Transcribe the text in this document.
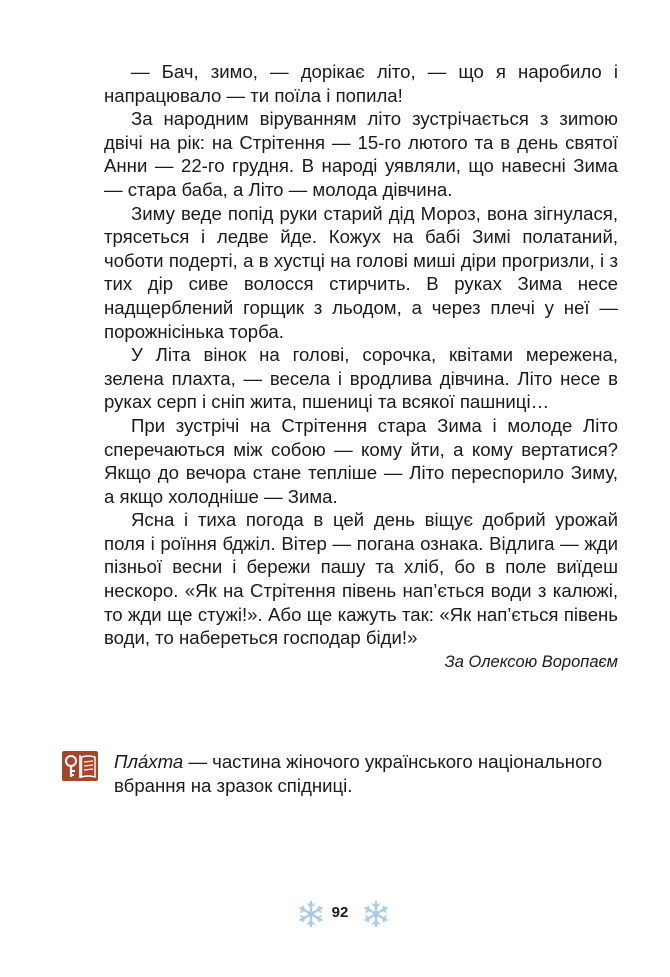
— Бач, зимо, — дорікає літо, — що я наробило і напрацювало — ти поїла і попила!

За народним віруванням літо зустрічається з зиmою двічі на рік: на Стрітення — 15-го лютого та в день святої Анни — 22-го грудня. В народі уявляли, що навесні Зима — стара баба, а Літо — молода дівчина.

Зиму веде попід руки старий дід Мороз, вона зігнулася, трясеться і ледве йде. Кожух на бабі Зимі полатаний, чоботи подерті, а в хустці на голові миші діри прогризли, і з тих дір сиве волосся стирчить. В руках Зима несе надщерблений горщик з льодом, а через плечі у неї — порожнісінька торба.

У Літа вінок на голові, сорочка, квітами мережена, зелена плахта, — весела і вродлива дівчина. Літо несе в руках серп і сніп жита, пшениці та всякої пашниці…

При зустрічі на Стрітення стара Зима і молоде Літо сперечаються між собою — кому йти, а кому вертатися? Якщо до вечора стане тепліше — Літо переспорило Зиму, а якщо холодніше — Зима.

Ясна і тиха погода в цей день віщує добрий урожай поля і роїння бджіл. Вітер — погана ознака. Відлига — жди пізньої весни і бережи пашу та хліб, бо в поле виїдеш нескоро. «Як на Стрітення півень нап’ється води з калюжі, то жди ще стужі!». Або ще кажуть так: «Як нап’ється півень води, то набереться господар біди!»

За Олексою Воропаєм

Пла́хта — частина жіночого українського національного вбрання на зразок спідниці.

92
